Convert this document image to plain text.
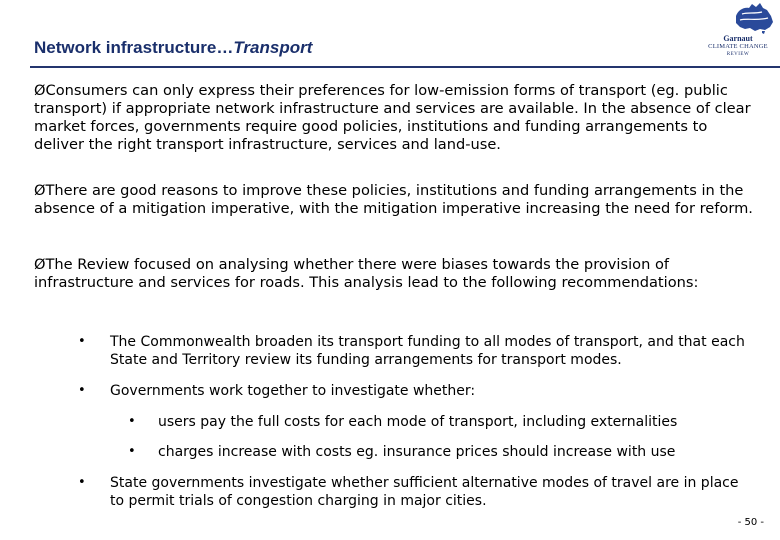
Network infrastructure…Transport	Garnaut
CLIMATE CHANGE
REVIEW
ØConsumers can only express their preferences for low-emission forms of transport (eg. public transport) if appropriate network infrastructure and services are available. In the absence of clear market forces, governments require good policies, institutions and funding arrangements to deliver the right transport infrastructure, services and land-use.
ØThere are good reasons to improve these policies, institutions and funding arrangements in the absence of a mitigation imperative, with the mitigation imperative increasing the need for reform.
ØThe Review focused on analysing whether there were biases towards the provision of infrastructure and services for roads. This analysis lead to the following recommendations:
• The Commonwealth broaden its transport funding to all modes of transport, and that each State and Territory review its funding arrangements for transport modes.
• Governments work together to investigate whether:
• users pay the full costs for each mode of transport, including externalities
• charges increase with costs eg. insurance prices should increase with use
• State governments investigate whether sufficient alternative modes of travel are in place to permit trials of congestion charging in major cities.
- 50 -
